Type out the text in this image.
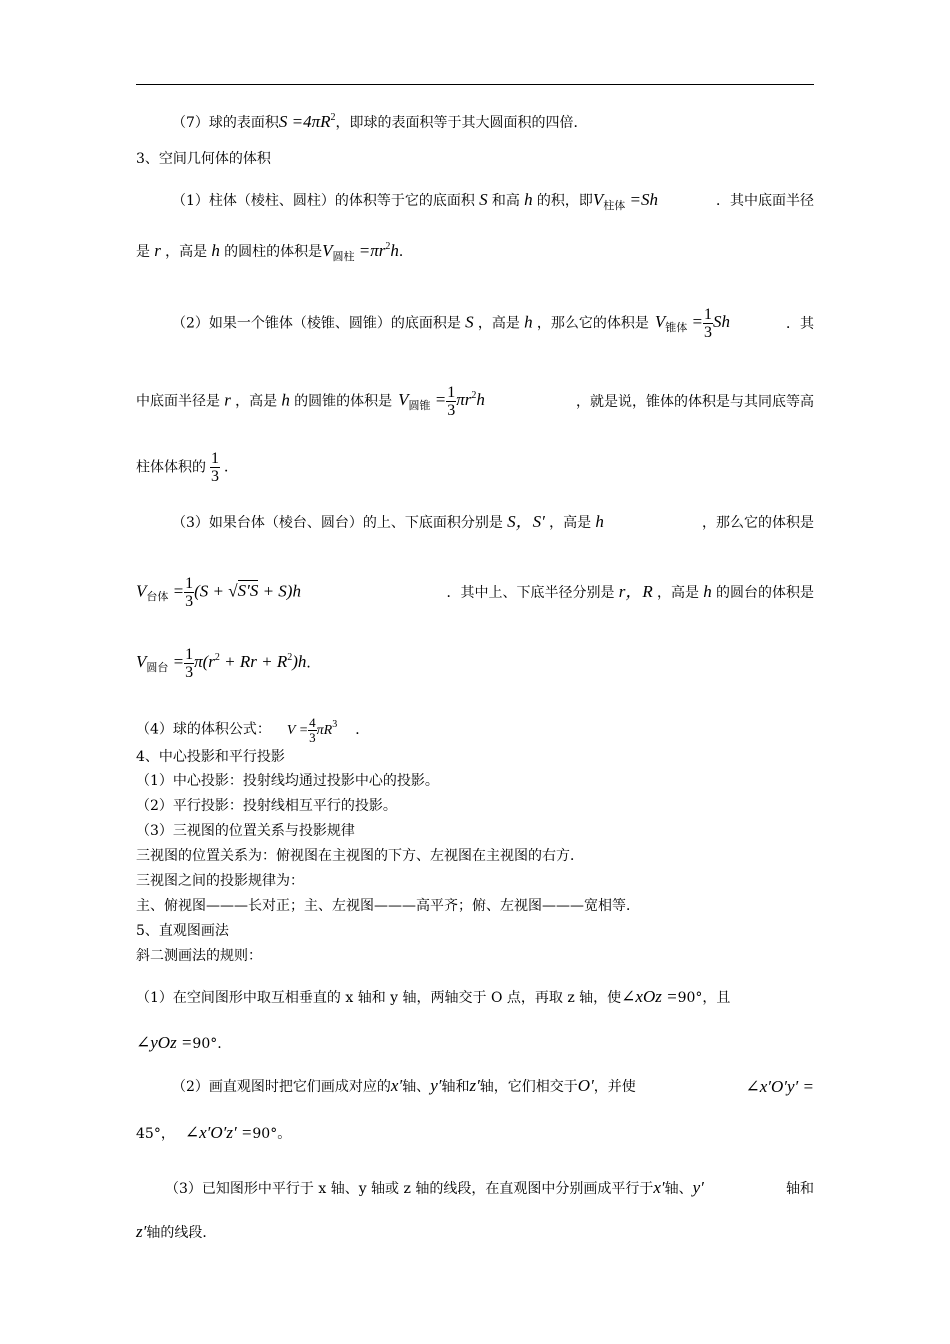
（7）球的表面积$S =4\pi R^2$，即球的表面积等于其大圆面积的四倍．
3、空间几何体的体积
（1）柱体（棱柱、圆柱）的体积等于它的底面积 S 和高 h 的积，即$V_{柱体} =Sh$	．其中底面半径
是 r ，高是 h 的圆柱的体积是$V_{圆柱} =\pi r^2h$．
（2）如果一个锥体（棱锥、圆锥）的底面积是 S ，高是 h ，那么它的体积是 $V_{锥体} = \frac{1}{3}$ Sh	．其
中底面半径是 r ，高是 h 的圆锥的体积是 $V_{圆锥} = \frac{1}{3} \pi r^2h$	，就是说，锥体的体积是与其同底等高
柱体体积的 $\frac{1}{3}$ ．
（3）如果台体（棱台、圆台）的上、下底面积分别是 S，S′ ，高是 h	，那么它的体积是
$V_{台体} = \frac{1}{3} (S + √S'S + S)h$	．其中上、下底半径分别是 r，R ，高是 h 的圆台的体积是
$V_{圆台} = \frac{1}{3} \pi(r^2 + Rr + R^2)h$．
（4）球的体积公式： $V = \frac{4}{3} \pi R^3$ ．
4、中心投影和平行投影
（1）中心投影：投射线均通过投影中心的投影。
（2）平行投影：投射线相互平行的投影。
（3）三视图的位置关系与投影规律
三视图的位置关系为：俯视图在主视图的下方、左视图在主视图的右方．
三视图之间的投影规律为：
主、俯视图———长对正；主、左视图———高平齐；俯、左视图———宽相等．
5、直观图画法
斜二测画法的规则：
（1）在空间图形中取互相垂直的 x 轴和 y 轴，两轴交于 O 点，再取 z 轴，使∠xOz =90°，且
∠yOz =90°.
（2）画直观图时把它们画成对应的x′轴、y′轴和z′轴，它们相交于O′，并使	∠x′O′y′ =
45°， ∠x′O′z′ =90°。
（3）已知图形中平行于 x 轴、y 轴或 z 轴的线段，在直观图中分别画成平行于x′轴、y′	轴和
z′轴的线段．
